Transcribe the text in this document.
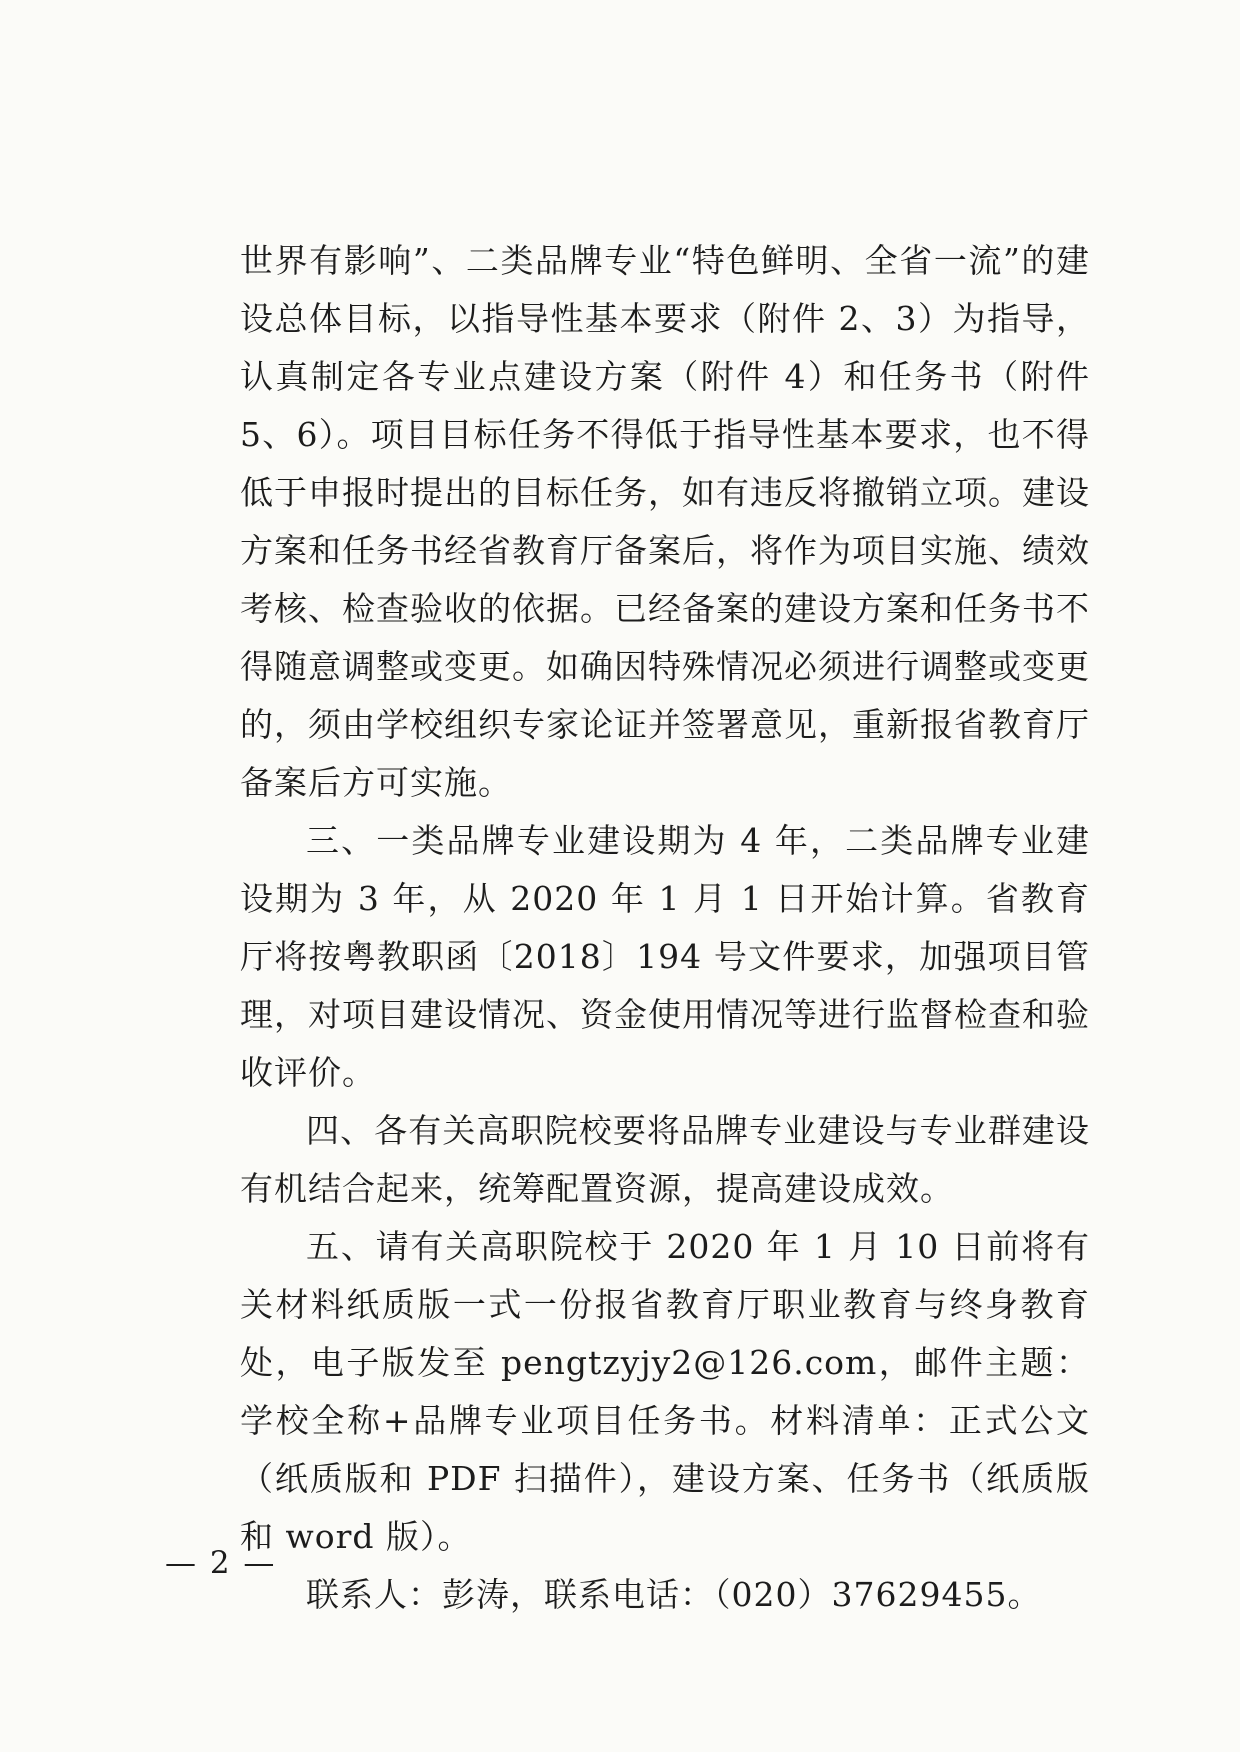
世界有影响”、二类品牌专业“特色鲜明、全省一流”的建设总体目标，以指导性基本要求（附件 2、3）为指导，认真制定各专业点建设方案（附件 4）和任务书（附件 5、6）。项目目标任务不得低于指导性基本要求，也不得低于申报时提出的目标任务，如有违反将撤销立项。建设方案和任务书经省教育厅备案后，将作为项目实施、绩效考核、检查验收的依据。已经备案的建设方案和任务书不得随意调整或变更。如确因特殊情况必须进行调整或变更的，须由学校组织专家论证并签署意见，重新报省教育厅备案后方可实施。

三、一类品牌专业建设期为 4 年，二类品牌专业建设期为 3 年，从 2020 年 1 月 1 日开始计算。省教育厅将按粤教职函〔2018〕194 号文件要求，加强项目管理，对项目建设情况、资金使用情况等进行监督检查和验收评价。

四、各有关高职院校要将品牌专业建设与专业群建设有机结合起来，统筹配置资源，提高建设成效。

五、请有关高职院校于 2020 年 1 月 10 日前将有关材料纸质版一式一份报省教育厅职业教育与终身教育处，电子版发至 pengtzyjy2@126.com，邮件主题：学校全称+品牌专业项目任务书。材料清单：正式公文（纸质版和 PDF 扫描件），建设方案、任务书（纸质版和 word 版）。

联系人：彭涛，联系电话：（020）37629455。

— 2 —
